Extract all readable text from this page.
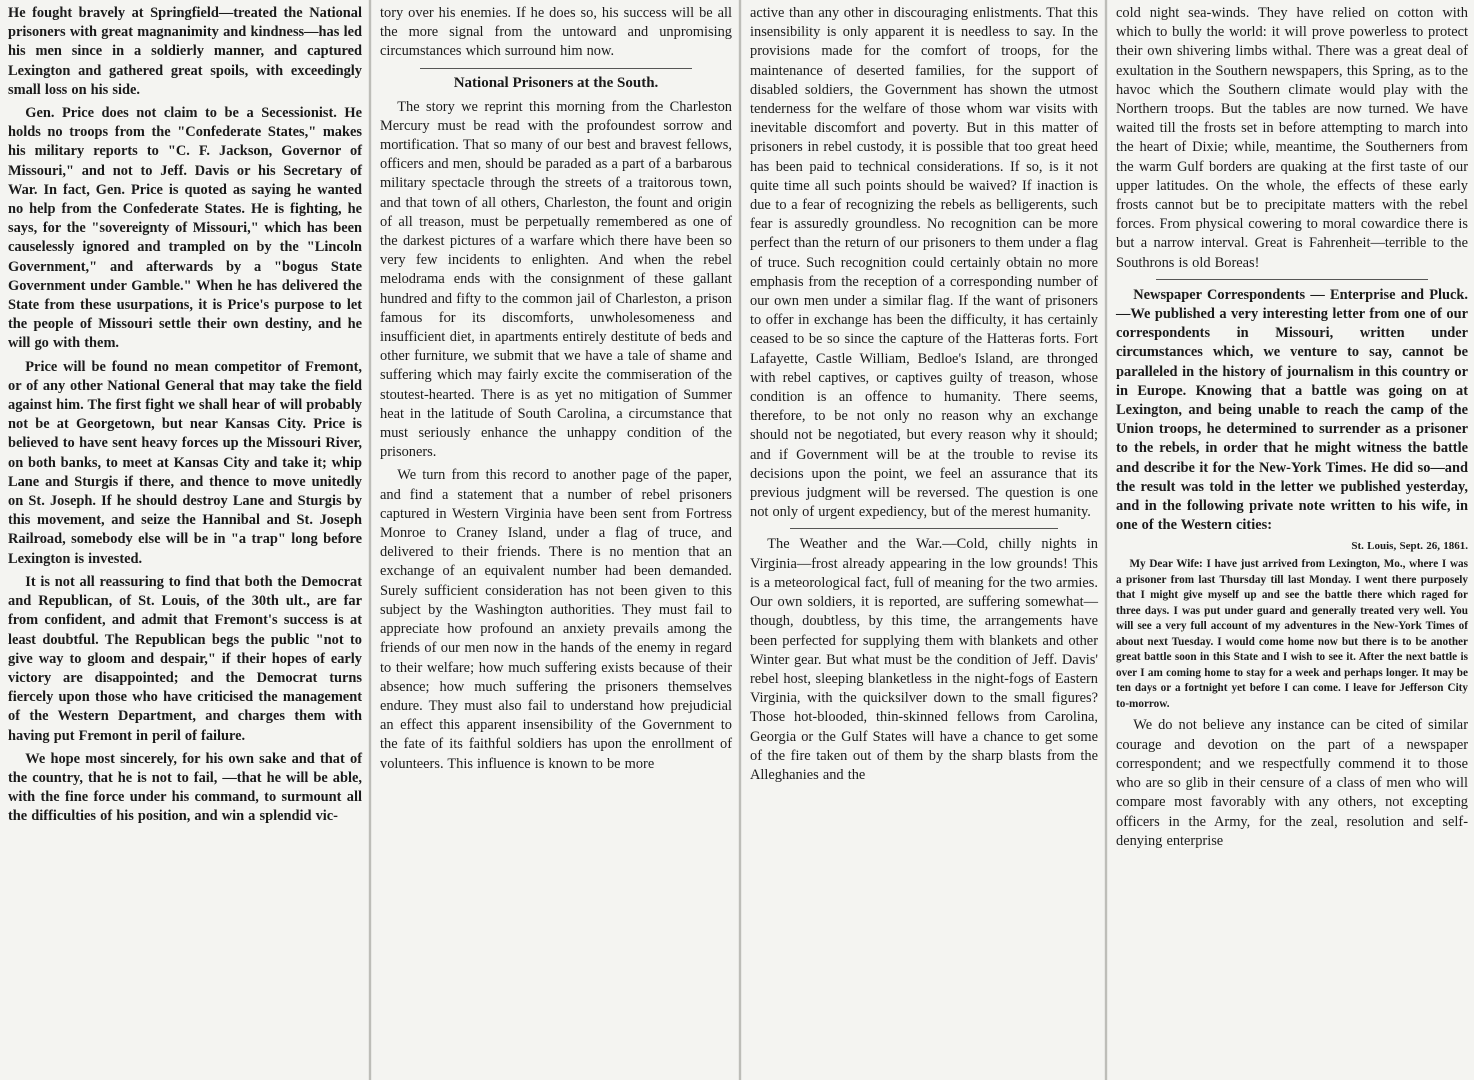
He fought bravely at Springfield—treated the National prisoners with great magnanimity and kindness—has led his men since in a soldierly manner, and captured Lexington and gathered great spoils, with exceedingly small loss on his side.

Gen. Price does not claim to be a Secessionist. He holds no troops from the "Confederate States," makes his military reports to "C. F. Jackson, Governor of Missouri," and not to Jeff. Davis or his Secretary of War. In fact, Gen. Price is quoted as saying he wanted no help from the Confederate States. He is fighting, he says, for the "sovereignty of Missouri," which has been causelessly ignored and trampled on by the "Lincoln Government," and afterwards by a "bogus State Government under Gamble." When he has delivered the State from these usurpations, it is Price's purpose to let the people of Missouri settle their own destiny, and he will go with them.

Price will be found no mean competitor of Fremont, or of any other National General that may take the field against him. The first fight we shall hear of will probably not be at Georgetown, but near Kansas City. Price is believed to have sent heavy forces up the Missouri River, on both banks, to meet at Kansas City and take it; whip Lane and Sturgis if there, and thence to move unitedly on St. Joseph. If he should destroy Lane and Sturgis by this movement, and seize the Hannibal and St. Joseph Railroad, somebody else will be in "a trap" long before Lexington is invested.

It is not all reassuring to find that both the Democrat and Republican, of St. Louis, of the 30th ult., are far from confident, and admit that Fremont's success is at least doubtful. The Republican begs the public "not to give way to gloom and despair," if their hopes of early victory are disappointed; and the Democrat turns fiercely upon those who have criticised the management of the Western Department, and charges them with having put Fremont in peril of failure.

We hope most sincerely, for his own sake and that of the country, that he is not to fail, —that he will be able, with the fine force under his command, to surmount all the difficulties of his position, and win a splendid vic-

tory over his enemies. If he does so, his success will be all the more signal from the untoward and unpromising circumstances which surround him now.

National Prisoners at the South.

The story we reprint this morning from the Charleston Mercury must be read with the profoundest sorrow and mortification. That so many of our best and bravest fellows, officers and men, should be paraded as a part of a barbarous military spectacle through the streets of a traitorous town, and that town of all others, Charleston, the fount and origin of all treason, must be perpetually remembered as one of the darkest pictures of a warfare which there have been so very few incidents to enlighten. And when the rebel melodrama ends with the consignment of these gallant hundred and fifty to the common jail of Charleston, a prison famous for its discomforts, unwholesomeness and insufficient diet, in apartments entirely destitute of beds and other furniture, we submit that we have a tale of shame and suffering which may fairly excite the commiseration of the stoutest-hearted. There is as yet no mitigation of Summer heat in the latitude of South Carolina, a circumstance that must seriously enhance the unhappy condition of the prisoners.

We turn from this record to another page of the paper, and find a statement that a number of rebel prisoners captured in Western Virginia have been sent from Fortress Monroe to Craney Island, under a flag of truce, and delivered to their friends. There is no mention that an exchange of an equivalent number had been demanded. Surely sufficient consideration has not been given to this subject by the Washington authorities. They must fail to appreciate how profound an anxiety prevails among the friends of our men now in the hands of the enemy in regard to their welfare; how much suffering exists because of their absence; how much suffering the prisoners themselves endure. They must also fail to understand how prejudicial an effect this apparent insensibility of the Government to the fate of its faithful soldiers has upon the enrollment of volunteers. This influence is known to be more

active than any other in discouraging enlistments. That this insensibility is only apparent it is needless to say. In the provisions made for the comfort of troops, for the maintenance of deserted families, for the support of disabled soldiers, the Government has shown the utmost tenderness for the welfare of those whom war visits with inevitable discomfort and poverty. But in this matter of prisoners in rebel custody, it is possible that too great heed has been paid to technical considerations. If so, is it not quite time all such points should be waived? If inaction is due to a fear of recognizing the rebels as belligerents, such fear is assuredly groundless. No recognition can be more perfect than the return of our prisoners to them under a flag of truce. Such recognition could certainly obtain no more emphasis from the reception of a corresponding number of our own men under a similar flag. If the want of prisoners to offer in exchange has been the difficulty, it has certainly ceased to be so since the capture of the Hatteras forts. Fort Lafayette, Castle William, Bedloe's Island, are thronged with rebel captives, or captives guilty of treason, whose condition is an offence to humanity. There seems, therefore, to be not only no reason why an exchange should not be negotiated, but every reason why it should; and if Government will be at the trouble to revise its decisions upon the point, we feel an assurance that its previous judgment will be reversed. The question is one not only of urgent expediency, but of the merest humanity.

The Weather and the War.—Cold, chilly nights in Virginia—frost already appearing in the low grounds! This is a meteorological fact, full of meaning for the two armies. Our own soldiers, it is reported, are suffering somewhat—though, doubtless, by this time, the arrangements have been perfected for supplying them with blankets and other Winter gear. But what must be the condition of Jeff. Davis' rebel host, sleeping blanketless in the night-fogs of Eastern Virginia, with the quicksilver down to the small figures? Those hot-blooded, thin-skinned fellows from Carolina, Georgia or the Gulf States will have a chance to get some of the fire taken out of them by the sharp blasts from the Alleghanies and the

cold night sea-winds. They have relied on cotton with which to bully the world: it will prove powerless to protect their own shivering limbs withal. There was a great deal of exultation in the Southern newspapers, this Spring, as to the havoc which the Southern climate would play with the Northern troops. But the tables are now turned. We have waited till the frosts set in before attempting to march into the heart of Dixie; while, meantime, the Southerners from the warm Gulf borders are quaking at the first taste of our upper latitudes. On the whole, the effects of these early frosts cannot but be to precipitate matters with the rebel forces. From physical cowering to moral cowardice there is but a narrow interval. Great is Fahrenheit—terrible to the Southrons is old Boreas!

Newspaper Correspondents — Enterprise and Pluck.—We published a very interesting letter from one of our correspondents in Missouri, written under circumstances which, we venture to say, cannot be paralleled in the history of journalism in this country or in Europe. Knowing that a battle was going on at Lexington, and being unable to reach the camp of the Union troops, he determined to surrender as a prisoner to the rebels, in order that he might witness the battle and describe it for the New-York Times. He did so—and the result was told in the letter we published yesterday, and in the following private note written to his wife, in one of the Western cities:

St. Louis, Sept. 26, 1861.

My Dear Wife: I have just arrived from Lexington, Mo., where I was a prisoner from last Thursday till last Monday. I went there purposely that I might give myself up and see the battle there which raged for three days. I was put under guard and generally treated very well. You will see a very full account of my adventures in the New-York Times of about next Tuesday. I would come home now but there is to be another great battle soon in this State and I wish to see it. After the next battle is over I am coming home to stay for a week and perhaps longer. It may be ten days or a fortnight yet before I can come. I leave for Jefferson City to-morrow.

We do not believe any instance can be cited of similar courage and devotion on the part of a newspaper correspondent; and we respectfully commend it to those who are so glib in their censure of a class of men who will compare most favorably with any others, not excepting officers in the Army, for the zeal, resolution and self-denying enterprise
